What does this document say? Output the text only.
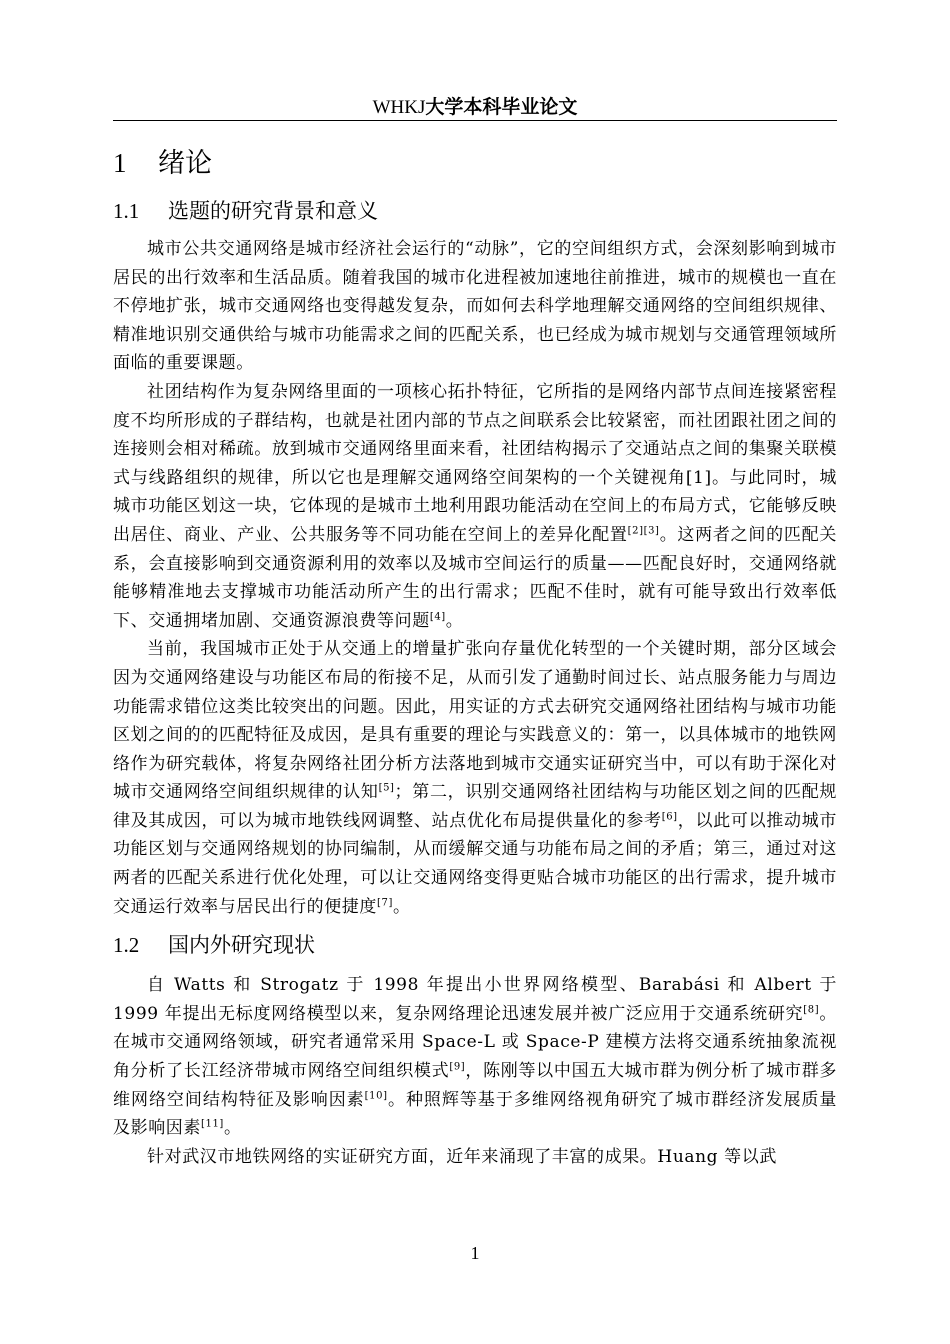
WHKJ大学本科毕业论文
1	绪论
1.1	选题的研究背景和意义

城市公共交通网络是城市经济社会运行的“动脉”，它的空间组织方式，会深刻影响到城市居民的出行效率和生活品质。随着我国的城市化进程被加速地往前推进，城市的规模也一直在不停地扩张，城市交通网络也变得越发复杂，而如何去科学地理解交通网络的空间组织规律、精准地识别交通供给与城市功能需求之间的匹配关系，也已经成为城市规划与交通管理领域所面临的重要课题。

社团结构作为复杂网络里面的一项核心拓扑特征，它所指的是网络内部节点间连接紧密程度不均所形成的子群结构，也就是社团内部的节点之间联系会比较紧密，而社团跟社团之间的连接则会相对稀疏。放到城市交通网络里面来看，社团结构揭示了交通站点之间的集聚关联模式与线路组织的规律，所以它也是理解交通网络空间架构的一个关键视角[1]。与此同时，城城市功能区划这一块，它体现的是城市土地利用跟功能活动在空间上的布局方式，它能够反映出居住、商业、产业、公共服务等不同功能在空间上的差异化配置[2][3]。这两者之间的匹配关系，会直接影响到交通资源利用的效率以及城市空间运行的质量——匹配良好时，交通网络就能够精准地去支撑城市功能活动所产生的出行需求；匹配不佳时，就有可能导致出行效率低下、交通拥堵加剧、交通资源浪费等问题[4]。

当前，我国城市正处于从交通上的增量扩张向存量优化转型的一个关键时期，部分区域会因为交通网络建设与功能区布局的衔接不足，从而引发了通勤时间过长、站点服务能力与周边功能需求错位这类比较突出的问题。因此，用实证的方式去研究交通网络社团结构与城市功能区划之间的的匹配特征及成因，是具有重要的理论与实践意义的：第一，以具体城市的地铁网络作为研究载体，将复杂网络社团分析方法落地到城市交通实证研究当中，可以有助于深化对城市交通网络空间组织规律的认知[5]；第二，识别交通网络社团结构与功能区划之间的匹配规律及其成因，可以为城市地铁线网调整、站点优化布局提供量化的参考[6]，以此可以推动城市功能区划与交通网络规划的协同编制，从而缓解交通与功能布局之间的矛盾；第三，通过对这两者的匹配关系进行优化处理，可以让交通网络变得更贴合城市功能区的出行需求，提升城市交通运行效率与居民出行的便捷度[7]。

1.2	国内外研究现状

自 Watts 和 Strogatz 于 1998 年提出小世界网络模型、Barabási 和 Albert 于 1999 年提出无标度网络模型以来，复杂网络理论迅速发展并被广泛应用于交通系统研究[8]。在城市交通网络领域，研究者通常采用 Space-L 或 Space-P 建模方法将交通系统抽象流视角分析了长江经济带城市网络空间组织模式[9]，陈刚等以中国五大城市群为例分析了城市群多维网络空间结构特征及影响因素[10]。种照辉等基于多维网络视角研究了城市群经济发展质量及影响因素[11]。

针对武汉市地铁网络的实证研究方面，近年来涌现了丰富的成果。Huang 等以武

1
